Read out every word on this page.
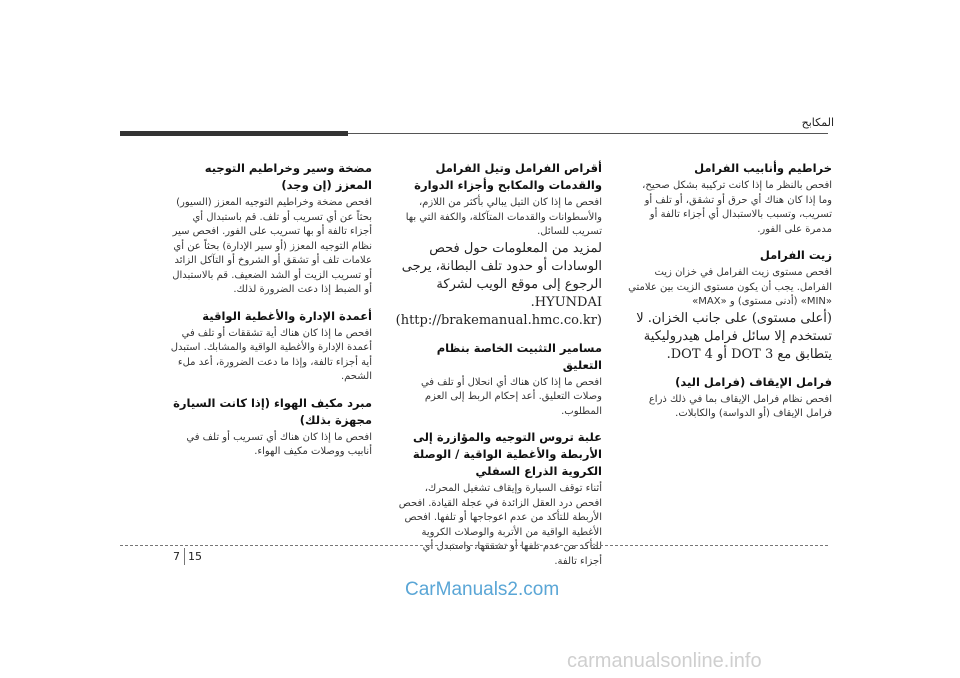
المكابح
خراطيم وأنابيب الفرامل

افحص بالنظر ما إذا كانت تركيبة بشكل صحيح، وما إذا كان هناك أي حرق أو تشقق، أو تلف أو تسريب، وتسبب بالاستبدال أي أجزاء تالفة أو مدمرة على الفور.

زيت الفرامل

افحص مستوى زيت الفرامل في خزان زيت الفرامل. يجب أن يكون مستوى الزيت بين علامتي «MIN» (أدنى مستوى) و «MAX»

(أعلى مستوى) على جانب الخزان. لا تستخدم إلا سائل فرامل هيدروليكية يتطابق مع DOT 3 أو DOT 4.

فرامل الإيقاف (فرامل اليد)

افحص نظام فرامل الإيقاف بما في ذلك ذراع فرامل الإيقاف (أو الدواسة) والكابلات.

أقراص الفرامل وتيل الفرامل والقدمات والمكابح وأجزاء الدوارة

افحص ما إذا كان التيل يبالي بأكثر من اللازم، والأسطوانات والقدمات المتآكلة، والكفة التي بها تسريب للسائل.

لمزيد من المعلومات حول فحص الوسادات أو حدود تلف البطانة، يرجى الرجوع إلى موقع الويب لشركة HYUNDAI.

(http://brakemanual.hmc.co.kr)

مسامير التثبيت الخاصة بنظام التعليق

افحص ما إذا كان هناك أي انحلال أو تلف في وصلات التعليق. أعد إحكام الربط إلى العزم المطلوب.

علبة تروس التوجيه والمؤازرة إلى الأربطة والأغطية الواقية / الوصلة الكروية الذراع السفلي

أثناء توقف السيارة وإيقاف تشغيل المحرك، افحص درد العقل الزائدة في عجلة القيادة. افحص الأربطة للتأكد من عدم اعوجاجها أو تلفها. افحص الأغطية الواقية من الأتربة والوصلات الكروية للتأكد من عدم تلفها أو تشققها، واستبدل أي أجزاء تالفة.

مضخة وسير وخراطيم التوجيه المعزز (إن وجد)

افحص مضخة وخراطيم التوجيه المعزز (السيور) بحثاً عن أي تسريب أو تلف. قم باستبدال أي أجزاء تالفة أو بها تسريب على الفور. افحص سير نظام التوجيه المعزز (أو سير الإدارة) بحثاً عن أي علامات تلف أو تشقق أو الشروخ أو التآكل الزائد أو تسريب الزيت أو الشد الضعيف. قم بالاستبدال أو الضبط إذا دعت الضرورة لذلك.

أعمدة الإدارة والأغطية الواقية

افحص ما إذا كان هناك أية تشققات أو تلف في أعمدة الإدارة والأغطية الواقية والمشابك. استبدل أية أجزاء تالفة، وإذا ما دعت الضرورة، أعد ملء الشحم.

مبرد مكيف الهواء (إذا كانت السيارة مجهزة بذلك)

افحص ما إذا كان هناك أي تسريب أو تلف في أنابيب ووصلات مكيف الهواء.

15
7
CarManuals2.com
carmanualsonline.info
